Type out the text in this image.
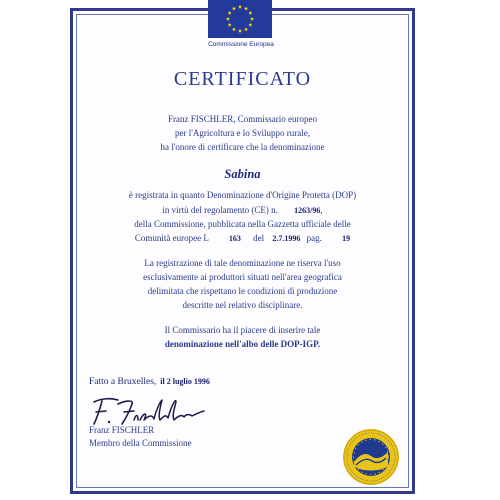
Commissione Europea
CERTIFICATO
Franz FISCHLER, Commissario europeo
per l'Agricoltura e lo Sviluppo rurale,
ha l'onore di certificare che la denominazione
Sabina
è registrata in quanto Denominazione d'Origine Protetta (DOP)
in virtù del regolamento (CE) n. 1263/96,
della Commissione, pubblicata nella Gazzetta ufficiale delle
Comunità europee L	163 del 2.7.1996 pag.	19
La registrazione di tale denominazione ne riserva l'uso
esclusivamente ai produttori situati nell'area geografica
delimitata che rispettano le condizioni di produzione
descritte nel relativo disciplinare.
Il Commissario ha il piacere di inserire tale
denominazione nell'albo delle DOP-IGP.
Fatto a Bruxelles, il 2 luglio 1996
Franz FISCHLER
Membro della Commissione
